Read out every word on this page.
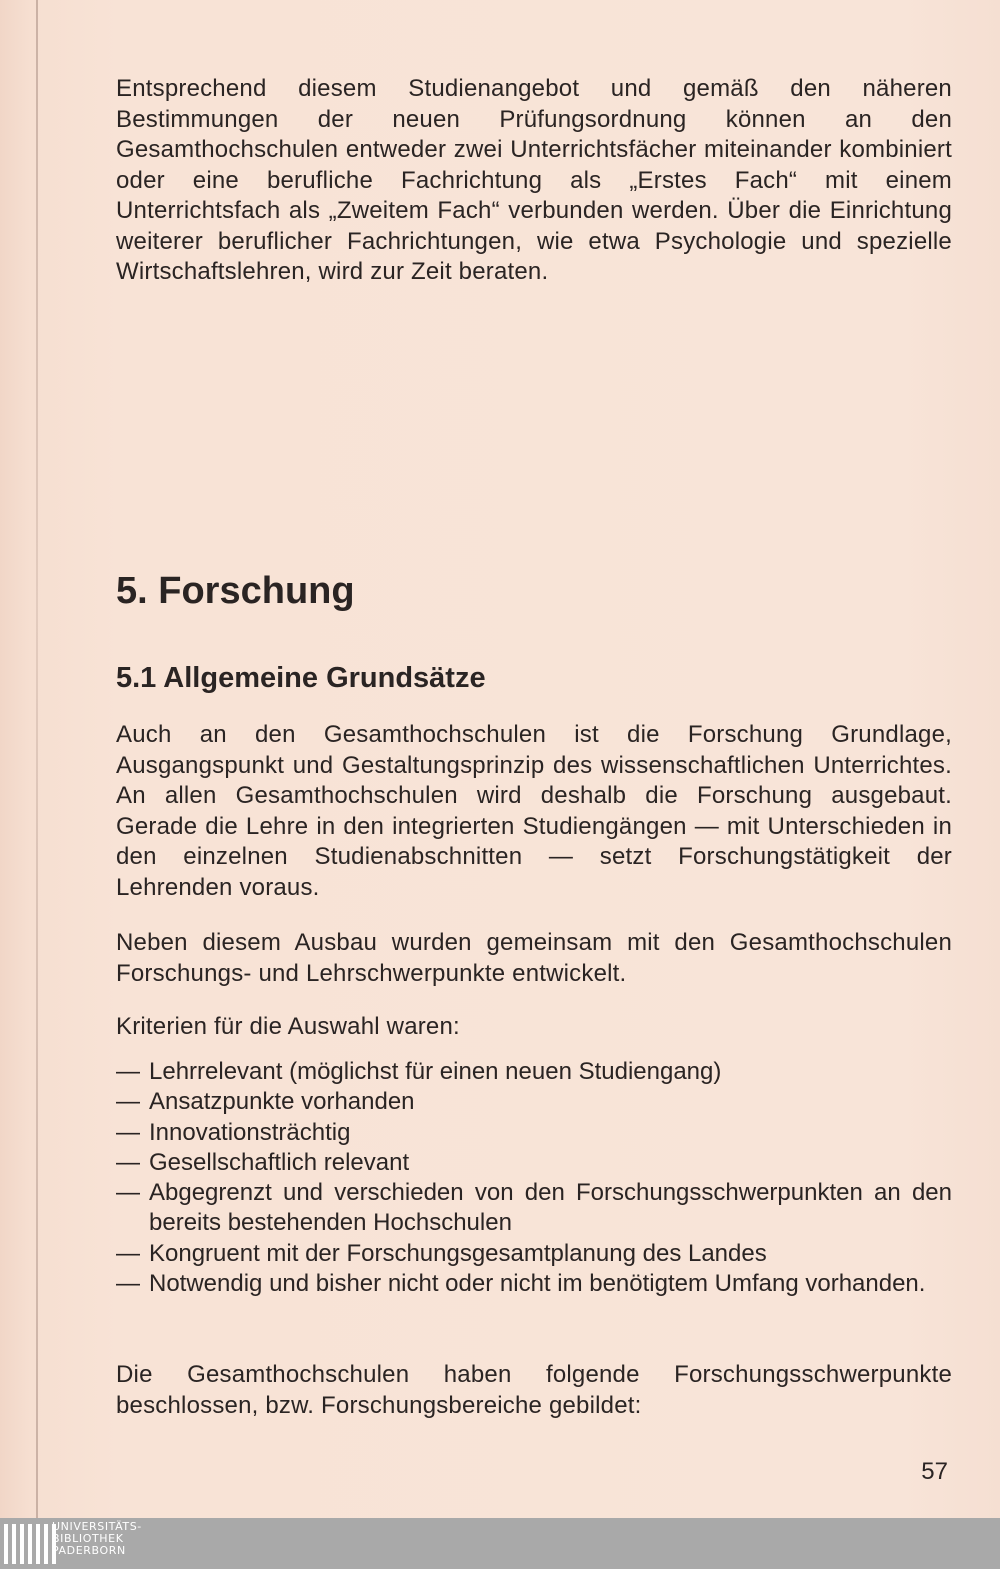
Entsprechend diesem Studienangebot und gemäß den näheren Bestimmungen der neuen Prüfungsordnung können an den Gesamthochschulen entweder zwei Unterrichtsfächer miteinander kombiniert oder eine berufliche Fachrichtung als „Erstes Fach“ mit einem Unterrichtsfach als „Zweitem Fach“ verbunden werden. Über die Einrichtung weiterer beruflicher Fachrichtungen, wie etwa Psychologie und spezielle Wirtschaftslehren, wird zur Zeit beraten.

5. Forschung
5.1 Allgemeine Grundsätze

Auch an den Gesamthochschulen ist die Forschung Grundlage, Ausgangspunkt und Gestaltungsprinzip des wissenschaftlichen Unterrichtes. An allen Gesamthochschulen wird deshalb die Forschung ausgebaut. Gerade die Lehre in den integrierten Studiengängen — mit Unterschieden in den einzelnen Studienabschnitten — setzt Forschungstätigkeit der Lehrenden voraus.

Neben diesem Ausbau wurden gemeinsam mit den Gesamthochschulen Forschungs- und Lehrschwerpunkte entwickelt.

Kriterien für die Auswahl waren:

— Lehrrelevant (möglichst für einen neuen Studiengang)
— Ansatzpunkte vorhanden
— Innovationsträchtig
— Gesellschaftlich relevant
— Abgegrenzt und verschieden von den Forschungsschwerpunkten an den bereits bestehenden Hochschulen
— Kongruent mit der Forschungsgesamtplanung des Landes
— Notwendig und bisher nicht oder nicht im benötigtem Umfang vorhanden.

Die Gesamthochschulen haben folgende Forschungsschwerpunkte beschlossen, bzw. Forschungsbereiche gebildet:

57
UNIVERSITÄTS-
BIBLIOTHEK
PADERBORN
